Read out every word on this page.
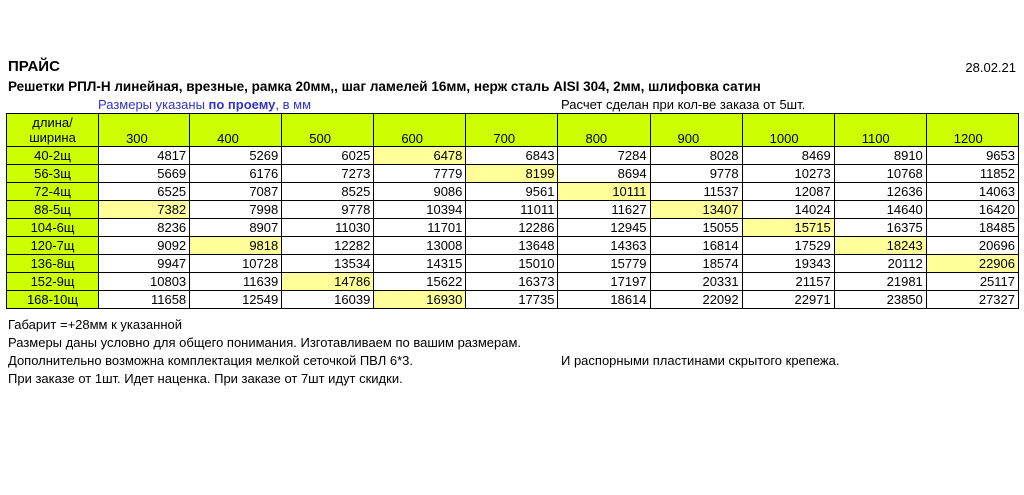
ПРАЙС	28.02.21
Решетки РПЛ-Н линейная, врезные, рамка 20мм,, шаг ламелей 16мм, нерж сталь AISI 304, 2мм, шлифовка сатин
Размеры указаны по проему, в мм	Расчет сделан при кол-ве заказа от 5шт.
длина/
ширина	300	400	500	600	700	800	900	1000	1100	1200
40-2щ	4817	5269	6025	6478	6843	7284	8028	8469	8910	9653
56-3щ	5669	6176	7273	7779	8199	8694	9778	10273	10768	11852
72-4щ	6525	7087	8525	9086	9561	10111	11537	12087	12636	14063
88-5щ	7382	7998	9778	10394	11011	11627	13407	14024	14640	16420
104-6щ	8236	8907	11030	11701	12286	12945	15055	15715	16375	18485
120-7щ	9092	9818	12282	13008	13648	14363	16814	17529	18243	20696
136-8щ	9947	10728	13534	14315	15010	15779	18574	19343	20112	22906
152-9щ	10803	11639	14786	15622	16373	17197	20331	21157	21981	25117
168-10щ	11658	12549	16039	16930	17735	18614	22092	22971	23850	27327
Габарит =+28мм к указанной
Размеры даны условно для общего понимания. Изготавливаем по вашим размерам.
Дополнительно возможна комплектация мелкой сеточкой ПВЛ 6*3.	И распорными пластинами скрытого крепежа.
При заказе от 1шт. Идет наценка. При заказе от 7шт идут скидки.
